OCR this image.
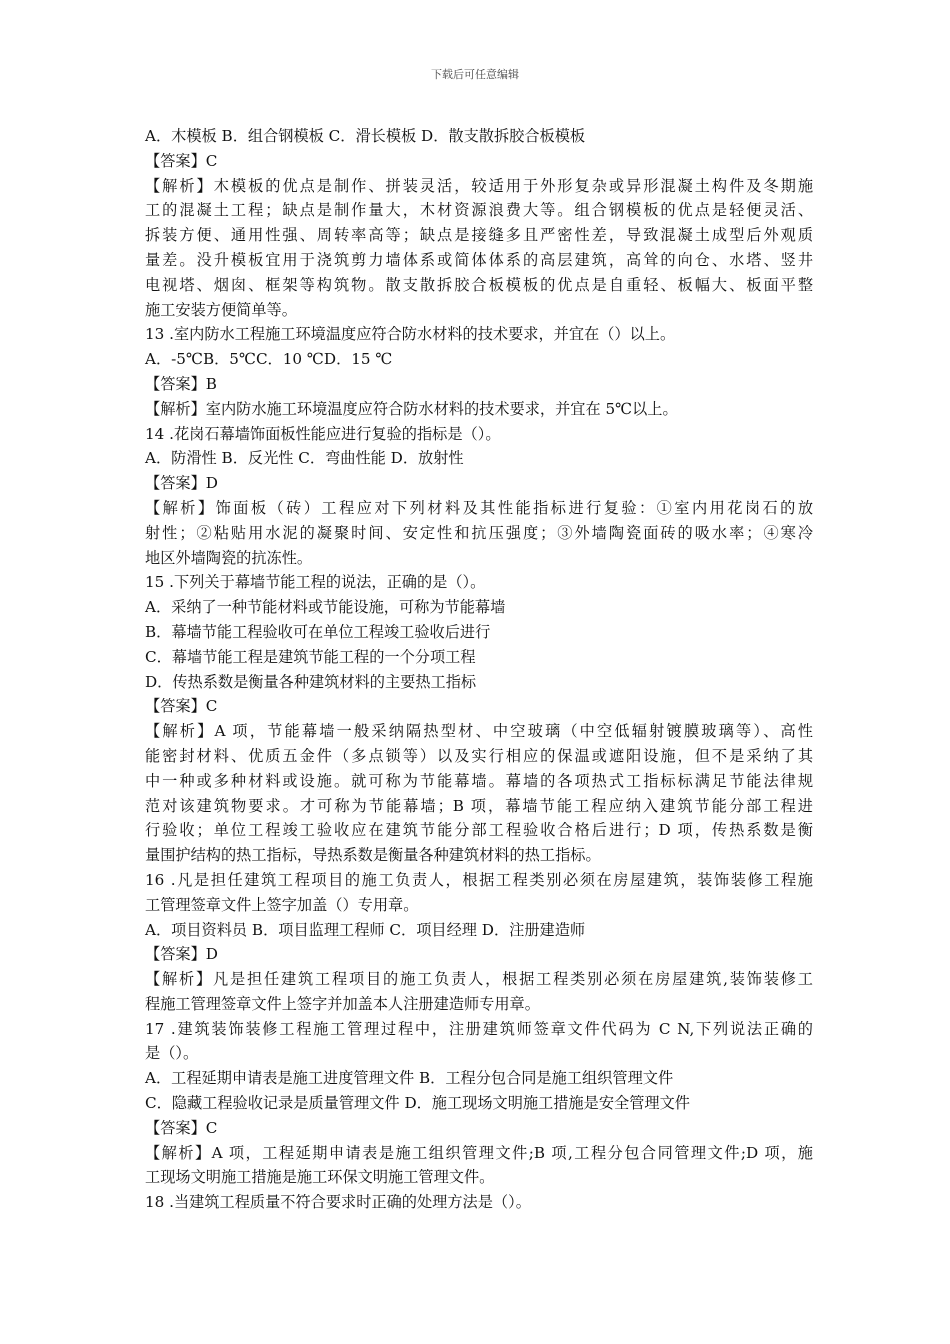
下载后可任意编辑
A．木模板 B．组合钢模板 C．滑长模板 D．散支散拆胶合板模板
【答案】C
【解析】木模板的优点是制作、拼装灵活，较适用于外形复杂或异形混凝土构件及冬期施
工的混凝土工程；缺点是制作量大，木材资源浪费大等。组合钢模板的优点是轻便灵活、
拆装方便、通用性强、周转率高等；缺点是接缝多且严密性差，导致混凝土成型后外观质
量差。没升模板宜用于浇筑剪力墙体系或简体体系的高层建筑，高耸的向仓、水塔、竖井
电视塔、烟囱、框架等构筑物。散支散拆胶合板模板的优点是自重轻、板幅大、板面平整
施工安装方便简单等。
13 .室内防水工程施工环境温度应符合防水材料的技术要求，并宜在（）以上。
A．-5℃B．5℃C．10 ℃D．15 ℃
【答案】B
【解析】室内防水施工环境温度应符合防水材料的技术要求，并宜在 5℃以上。
14 .花岗石幕墙饰面板性能应进行复验的指标是（）。
A．防滑性 B．反光性 C．弯曲性能 D．放射性
【答案】D
【解析】饰面板（砖）工程应对下列材料及其性能指标进行复验：①室内用花岗石的放
射性；②粘贴用水泥的凝聚时间、安定性和抗压强度；③外墙陶瓷面砖的吸水率；④寒冷
地区外墙陶瓷的抗冻性。
15 .下列关于幕墙节能工程的说法，正确的是（）。
A．采纳了一种节能材料或节能设施，可称为节能幕墙
B．幕墙节能工程验收可在单位工程竣工验收后进行
C．幕墙节能工程是建筑节能工程的一个分项工程
D．传热系数是衡量各种建筑材料的主要热工指标
【答案】C
【解析】A 项，节能幕墙一般采纳隔热型材、中空玻璃（中空低辐射镀膜玻璃等）、高性
能密封材料、优质五金件（多点锁等）以及实行相应的保温或遮阳设施，但不是采纳了其
中一种或多种材料或设施。就可称为节能幕墙。幕墙的各项热式工指标标满足节能法律规
范对该建筑物要求。才可称为节能幕墙；B 项，幕墙节能工程应纳入建筑节能分部工程进
行验收；单位工程竣工验收应在建筑节能分部工程验收合格后进行；D 项，传热系数是衡
量围护结构的热工指标，导热系数是衡量各种建筑材料的热工指标。
16 .凡是担任建筑工程项目的施工负责人，根据工程类别必须在房屋建筑，装饰装修工程施
工管理签章文件上签字加盖（）专用章。
A．项目资料员 B．项目监理工程师 C．项目经理 D．注册建造师
【答案】D
【解析】凡是担任建筑工程项目的施工负责人，根据工程类别必须在房屋建筑,装饰装修工
程施工管理签章文件上签字并加盖本人注册建造师专用章。
17 .建筑装饰装修工程施工管理过程中，注册建筑师签章文件代码为 C N,下列说法正确的
是（）。
A．工程延期申请表是施工进度管理文件 B．工程分包合同是施工组织管理文件
C．隐藏工程验收记录是质量管理文件 D．施工现场文明施工措施是安全管理文件
【答案】C
【解析】A 项，工程延期申请表是施工组织管理文件;B 项,工程分包合同管理文件;D 项，施
工现场文明施工措施是施工环保文明施工管理文件。
18 .当建筑工程质量不符合要求时正确的处理方法是（）。
